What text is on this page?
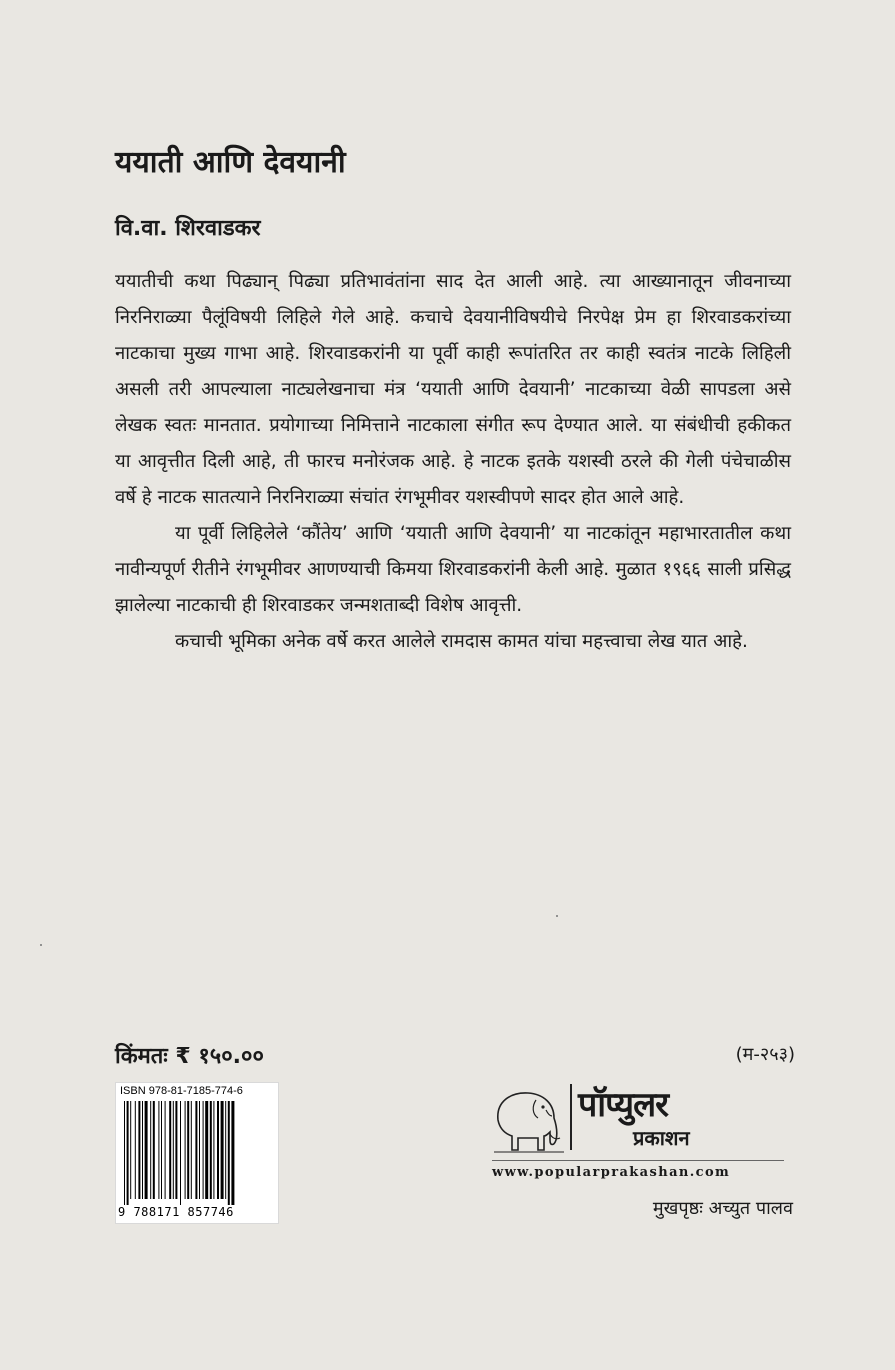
ययाती आणि देवयानी
वि.वा. शिरवाडकर

ययातीची कथा पिढ्यान् पिढ्या प्रतिभावंतांना साद देत आली आहे. त्या आख्यानातून जीवनाच्या निरनिराळ्या पैलूंविषयी लिहिले गेले आहे. कचाचे देवयानीविषयीचे निरपेक्ष प्रेम हा शिरवाडकरांच्या नाटकाचा मुख्य गाभा आहे. शिरवाडकरांनी या पूर्वी काही रूपांतरित तर काही स्वतंत्र नाटके लिहिली असली तरी आपल्याला नाट्यलेखनाचा मंत्र ‘ययाती आणि देवयानी’ नाटकाच्या वेळी सापडला असे लेखक स्वतः मानतात. प्रयोगाच्या निमित्ताने नाटकाला संगीत रूप देण्यात आले. या संबंधीची हकीकत या आवृत्तीत दिली आहे, ती फारच मनोरंजक आहे. हे नाटक इतके यशस्वी ठरले की गेली पंचेचाळीस वर्षे हे नाटक सातत्याने निरनिराळ्या संचांत रंगभूमीवर यशस्वीपणे सादर होत आले आहे.

या पूर्वी लिहिलेले ‘कौंतेय’ आणि ‘ययाती आणि देवयानी’ या नाटकांतून महाभारतातील कथा नावीन्यपूर्ण रीतीने रंगभूमीवर आणण्याची किमया शिरवाडकरांनी केली आहे. मुळात १९६६ साली प्रसिद्ध झालेल्या नाटकाची ही शिरवाडकर जन्मशताब्दी विशेष आवृत्ती.

कचाची भूमिका अनेक वर्षे करत आलेले रामदास कामत यांचा महत्त्वाचा लेख यात आहे.

किंमतः ₹ १५०.००	(म-२५३)
ISBN 978-81-7185-774-6
9 788171 857746
पॉप्युलर
प्रकाशन
www.popularprakashan.com
मुखपृष्ठः अच्युत पालव
